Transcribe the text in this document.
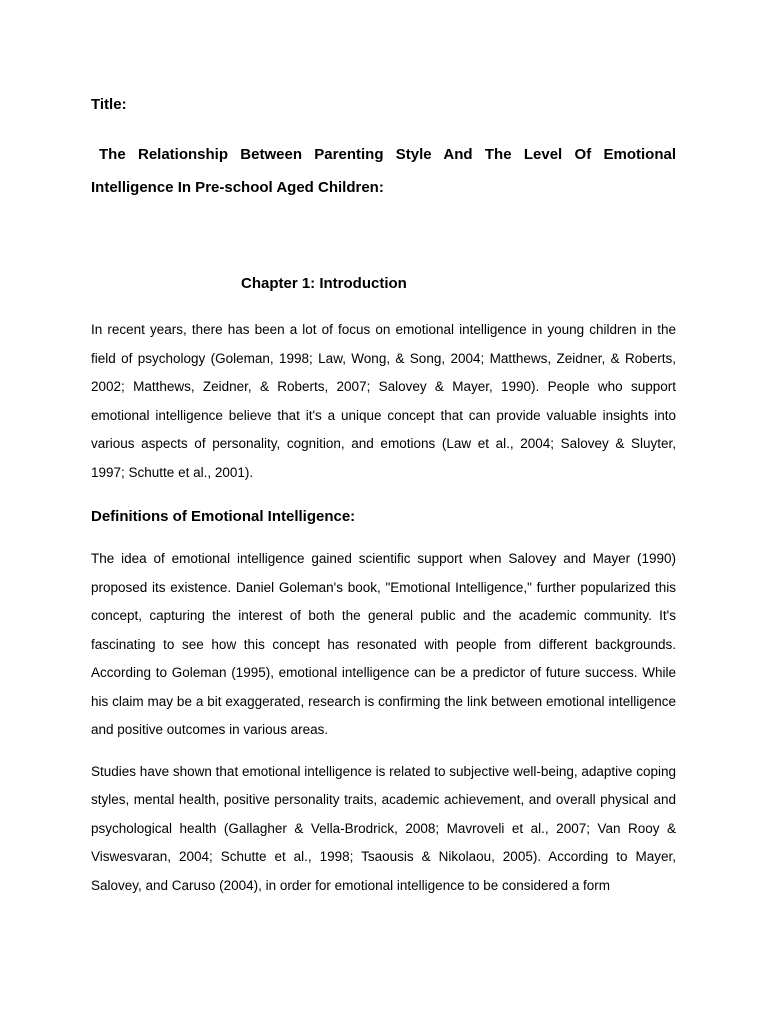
Title:
The Relationship Between Parenting Style And The Level Of Emotional Intelligence In Pre-school Aged Children:
Chapter 1: Introduction

In recent years, there has been a lot of focus on emotional intelligence in young children in the field of psychology (Goleman, 1998; Law, Wong, & Song, 2004; Matthews, Zeidner, & Roberts, 2002; Matthews, Zeidner, & Roberts, 2007; Salovey & Mayer, 1990). People who support emotional intelligence believe that it's a unique concept that can provide valuable insights into various aspects of personality, cognition, and emotions (Law et al., 2004; Salovey & Sluyter, 1997; Schutte et al., 2001).

Definitions of Emotional Intelligence:

The idea of emotional intelligence gained scientific support when Salovey and Mayer (1990) proposed its existence. Daniel Goleman's book, "Emotional Intelligence," further popularized this concept, capturing the interest of both the general public and the academic community. It's fascinating to see how this concept has resonated with people from different backgrounds. According to Goleman (1995), emotional intelligence can be a predictor of future success. While his claim may be a bit exaggerated, research is confirming the link between emotional intelligence and positive outcomes in various areas.

Studies have shown that emotional intelligence is related to subjective well-being, adaptive coping styles, mental health, positive personality traits, academic achievement, and overall physical and psychological health (Gallagher & Vella-Brodrick, 2008; Mavroveli et al., 2007; Van Rooy & Viswesvaran, 2004; Schutte et al., 1998; Tsaousis & Nikolaou, 2005). According to Mayer, Salovey, and Caruso (2004), in order for emotional intelligence to be considered a form
